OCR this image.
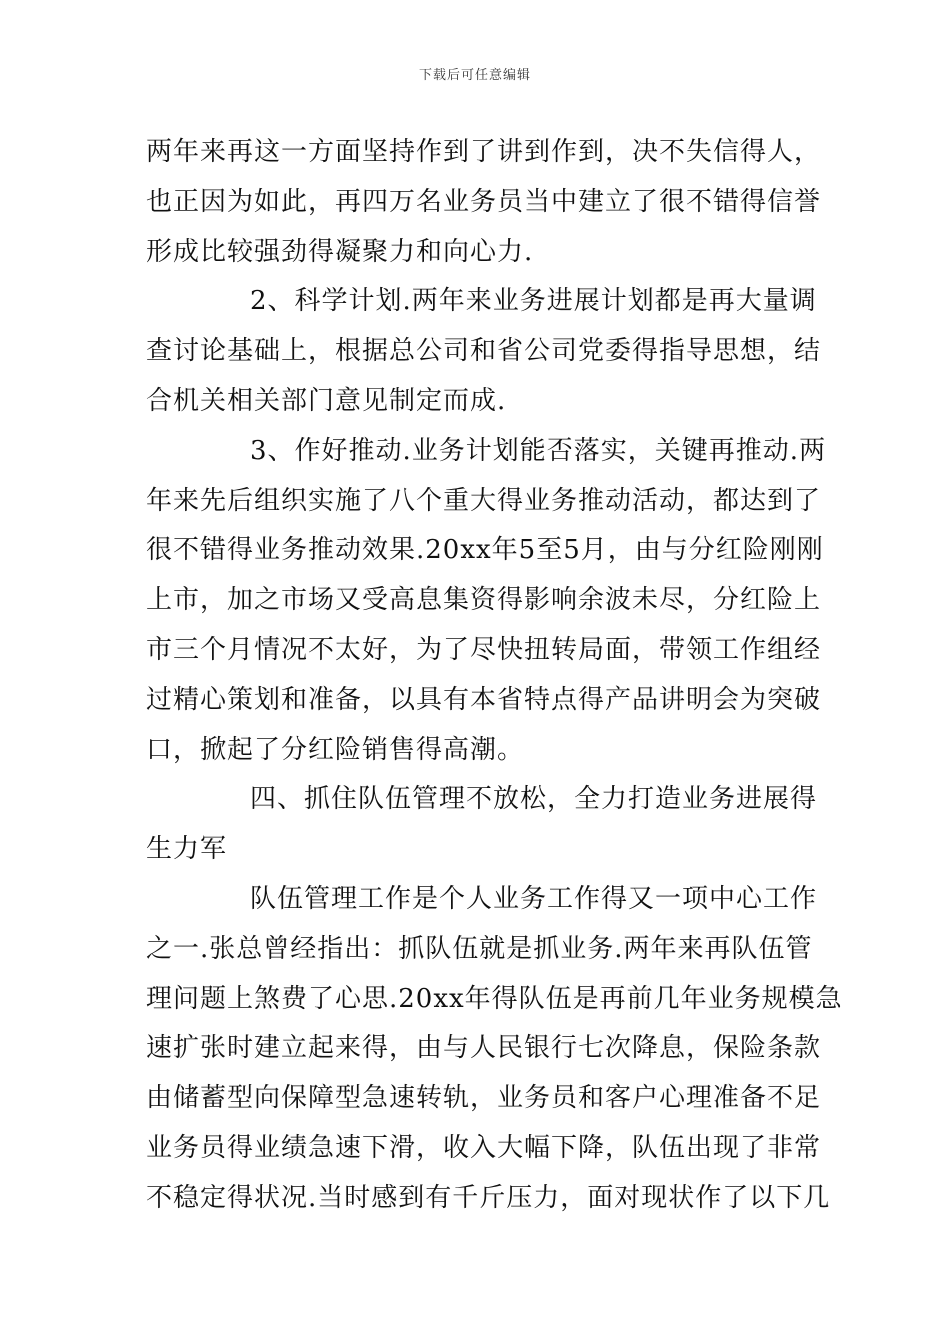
下载后可任意编辑
两年来再这一方面坚持作到了讲到作到，决不失信得人，
也正因为如此，再四万名业务员当中建立了很不错得信誉
形成比较强劲得凝聚力和向心力.
2、科学计划.两年来业务进展计划都是再大量调
查讨论基础上，根据总公司和省公司党委得指导思想，结
合机关相关部门意见制定而成.
3、作好推动.业务计划能否落实，关键再推动.两
年来先后组织实施了八个重大得业务推动活动，都达到了
很不错得业务推动效果.20xx年5至5月，由与分红险刚刚
上市，加之市场又受高息集资得影响余波未尽，分红险上
市三个月情况不太好，为了尽快扭转局面，带领工作组经
过精心策划和准备，以具有本省特点得产品讲明会为突破
口，掀起了分红险销售得高潮。
四、抓住队伍管理不放松，全力打造业务进展得
生力军
队伍管理工作是个人业务工作得又一项中心工作
之一.张总曾经指出：抓队伍就是抓业务.两年来再队伍管
理问题上煞费了心思.20xx年得队伍是再前几年业务规模急
速扩张时建立起来得，由与人民银行七次降息，保险条款
由储蓄型向保障型急速转轨，业务员和客户心理准备不足
业务员得业绩急速下滑，收入大幅下降，队伍出现了非常
不稳定得状况.当时感到有千斤压力，面对现状作了以下几
